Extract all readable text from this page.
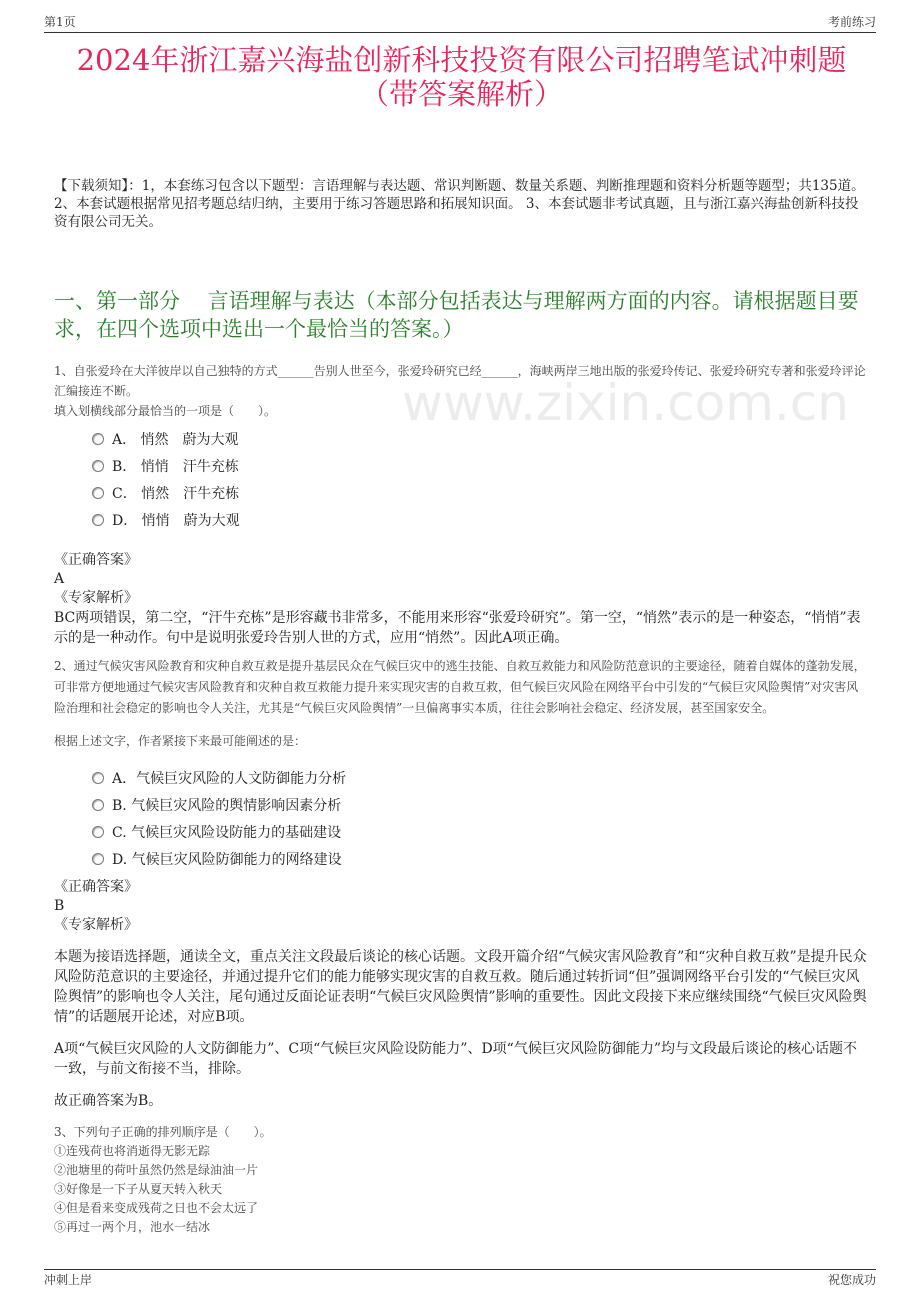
第1页	考前练习
2024年浙江嘉兴海盐创新科技投资有限公司招聘笔试冲刺题
（带答案解析）
【下载须知】：1，本套练习包含以下题型：言语理解与表达题、常识判断题、数量关系题、判断推理题和资料分析题等题型；共135道。 2、本套试题根据常见招考题总结归纳，主要用于练习答题思路和拓展知识面。 3、本套试题非考试真题，且与浙江嘉兴海盐创新科技投资有限公司无关。
一、第一部分　 言语理解与表达（本部分包括表达与理解两方面的内容。请根据题目要求，在四个选项中选出一个最恰当的答案。）
1、自张爱玲在大洋彼岸以自己独特的方式______告别人世至今，张爱玲研究已经______，海峡两岸三地出版的张爱玲传记、张爱玲研究专著和张爱玲评论汇编接连不断。
填入划横线部分最恰当的一项是（　　）。
A． 悄然　蔚为大观
B． 悄悄　汗牛充栋
C． 悄然　汗牛充栋
D． 悄悄　蔚为大观
《正确答案》
A
《专家解析》
BC两项错误，第二空，“汗牛充栋”是形容藏书非常多，不能用来形容“张爱玲研究”。第一空，“悄然”表示的是一种姿态，“悄悄”表示的是一种动作。句中是说明张爱玲告别人世的方式，应用“悄然”。因此A项正确。
2、通过气候灾害风险教育和灾种自救互救是提升基层民众在气候巨灾中的逃生技能、自救互救能力和风险防范意识的主要途径，随着自媒体的蓬勃发展，可非常方便地通过气候灾害风险教育和灾种自救互救能力提升来实现灾害的自救互救，但气候巨灾风险在网络平台中引发的“气候巨灾风险舆情”对灾害风险治理和社会稳定的影响也令人关注，尤其是“气候巨灾风险舆情”一旦偏离事实本质，往往会影响社会稳定、经济发展，甚至国家安全。
根据上述文字，作者紧接下来最可能阐述的是：
A．气候巨灾风险的人文防御能力分析
B. 气候巨灾风险的舆情影响因素分析
C. 气候巨灾风险设防能力的基础建设
D. 气候巨灾风险防御能力的网络建设
《正确答案》
B
《专家解析》
本题为接语选择题，通读全文，重点关注文段最后谈论的核心话题。文段开篇介绍“气候灾害风险教育”和“灾种自救互救”是提升民众风险防范意识的主要途径，并通过提升它们的能力能够实现灾害的自救互救。随后通过转折词“但”强调网络平台引发的“气候巨灾风险舆情”的影响也令人关注，尾句通过反面论证表明“气候巨灾风险舆情”影响的重要性。因此文段接下来应继续围绕“气候巨灾风险舆情”的话题展开论述，对应B项。
A项“气候巨灾风险的人文防御能力”、C项“气候巨灾风险设防能力”、D项“气候巨灾风险防御能力”均与文段最后谈论的核心话题不一致，与前文衔接不当，排除。
故正确答案为B。
3、下列句子正确的排列顺序是（　　）。
①连残荷也将消逝得无影无踪
②池塘里的荷叶虽然仍然是绿油油一片
③好像是一下子从夏天转入秋天
④但是看来变成残荷之日也不会太远了
⑤再过一两个月，池水一结冰
www.zixin.com.cn
冲刺上岸	祝您成功
